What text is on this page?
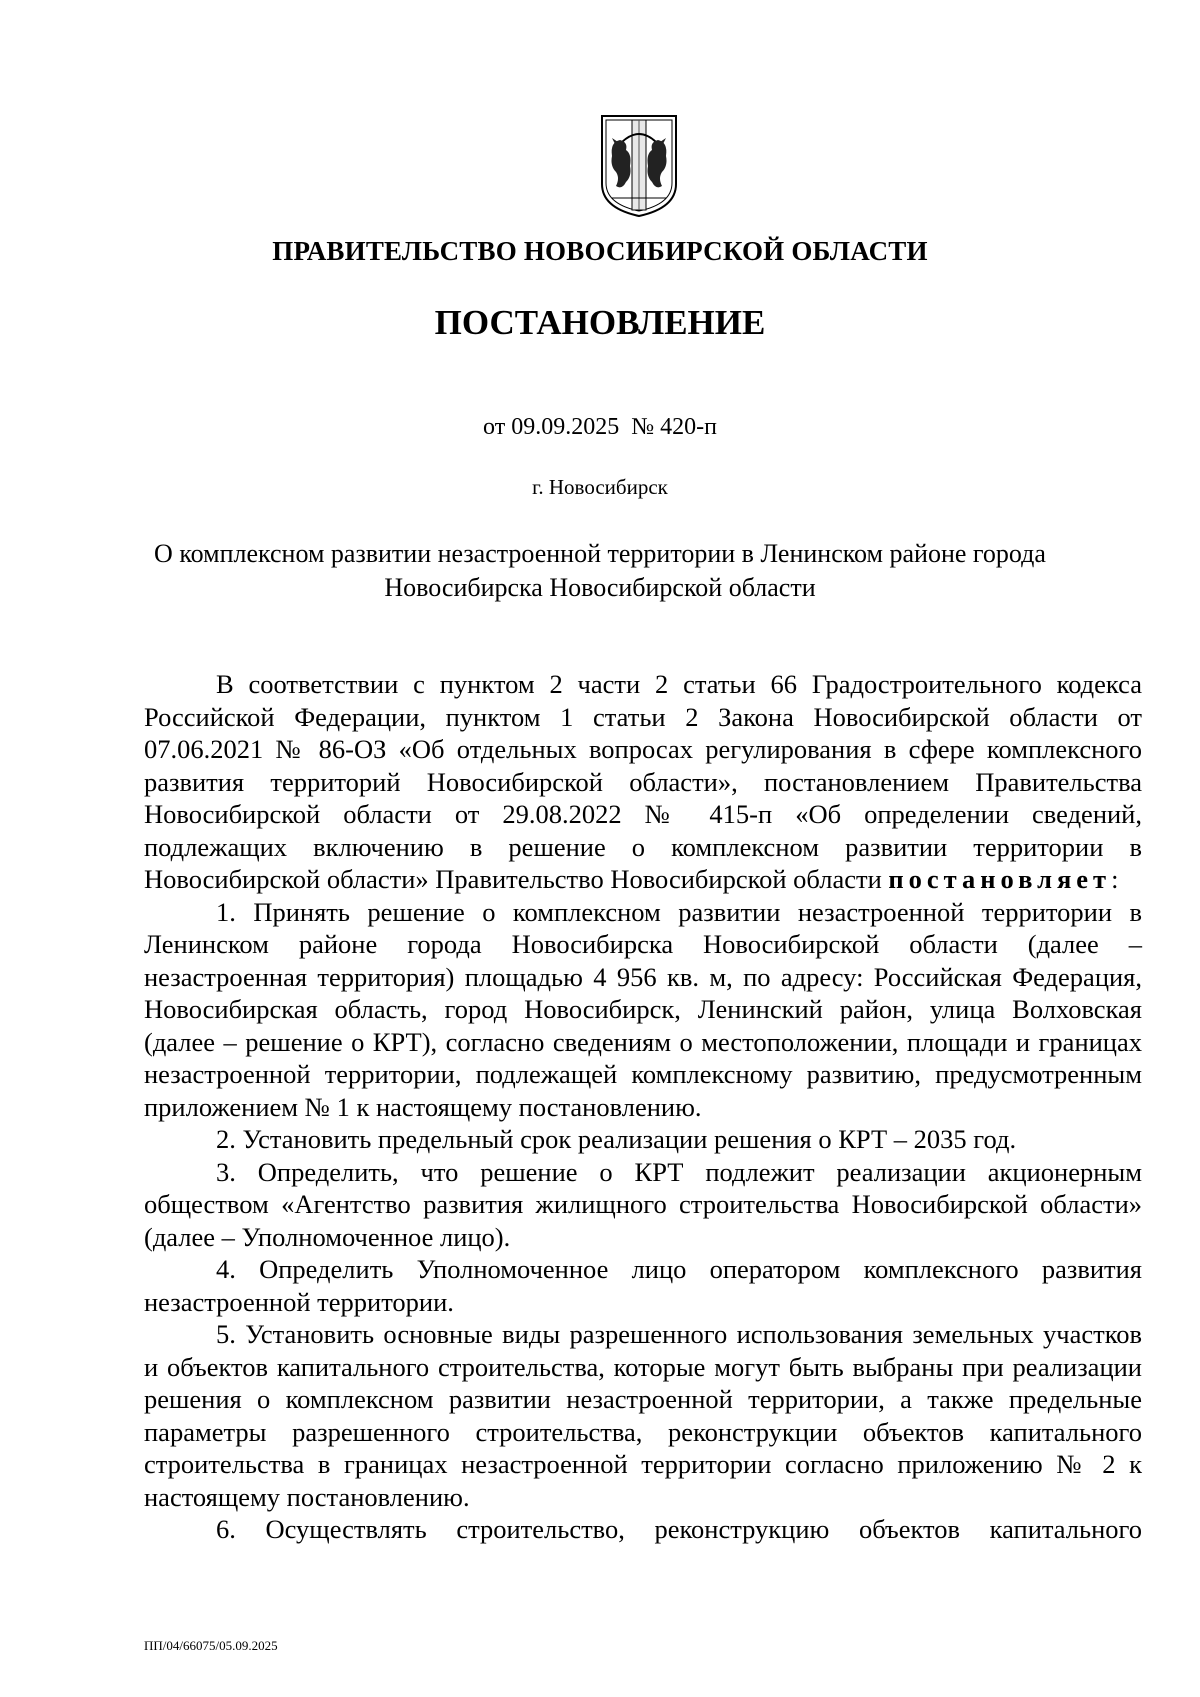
ПРАВИТЕЛЬСТВО НОВОСИБИРСКОЙ ОБЛАСТИ
ПОСТАНОВЛЕНИЕ
от 09.09.2025  № 420-п
г. Новосибирск
О комплексном развитии незастроенной территории в Ленинском районе города Новосибирска Новосибирской области

В соответствии с пунктом 2 части 2 статьи 66 Градостроительного кодекса Российской Федерации, пунктом 1 статьи 2 Закона Новосибирской области от 07.06.2021 № 86-ОЗ «Об отдельных вопросах регулирования в сфере комплексного развития территорий Новосибирской области», постановлением Правительства Новосибирской области от 29.08.2022 № 415-п «Об определении сведений, подлежащих включению в решение о комплексном развитии территории в Новосибирской области» Правительство Новосибирской области постановляет:

1. Принять решение о комплексном развитии незастроенной территории в Ленинском районе города Новосибирска Новосибирской области (далее – незастроенная территория) площадью 4 956 кв. м, по адресу: Российская Федерация, Новосибирская область, город Новосибирск, Ленинский район, улица Волховская (далее – решение о КРТ), согласно сведениям о местоположении, площади и границах незастроенной территории, подлежащей комплексному развитию, предусмотренным приложением № 1 к настоящему постановлению.

2. Установить предельный срок реализации решения о КРТ – 2035 год.

3. Определить, что решение о КРТ подлежит реализации акционерным обществом «Агентство развития жилищного строительства Новосибирской области» (далее – Уполномоченное лицо).

4. Определить Уполномоченное лицо оператором комплексного развития незастроенной территории.

5. Установить основные виды разрешенного использования земельных участков и объектов капитального строительства, которые могут быть выбраны при реализации решения о комплексном развитии незастроенной территории, а также предельные параметры разрешенного строительства, реконструкции объектов капитального строительства в границах незастроенной территории согласно приложению № 2 к настоящему постановлению.

6. Осуществлять строительство, реконструкцию объектов капитального

ПП/04/66075/05.09.2025
